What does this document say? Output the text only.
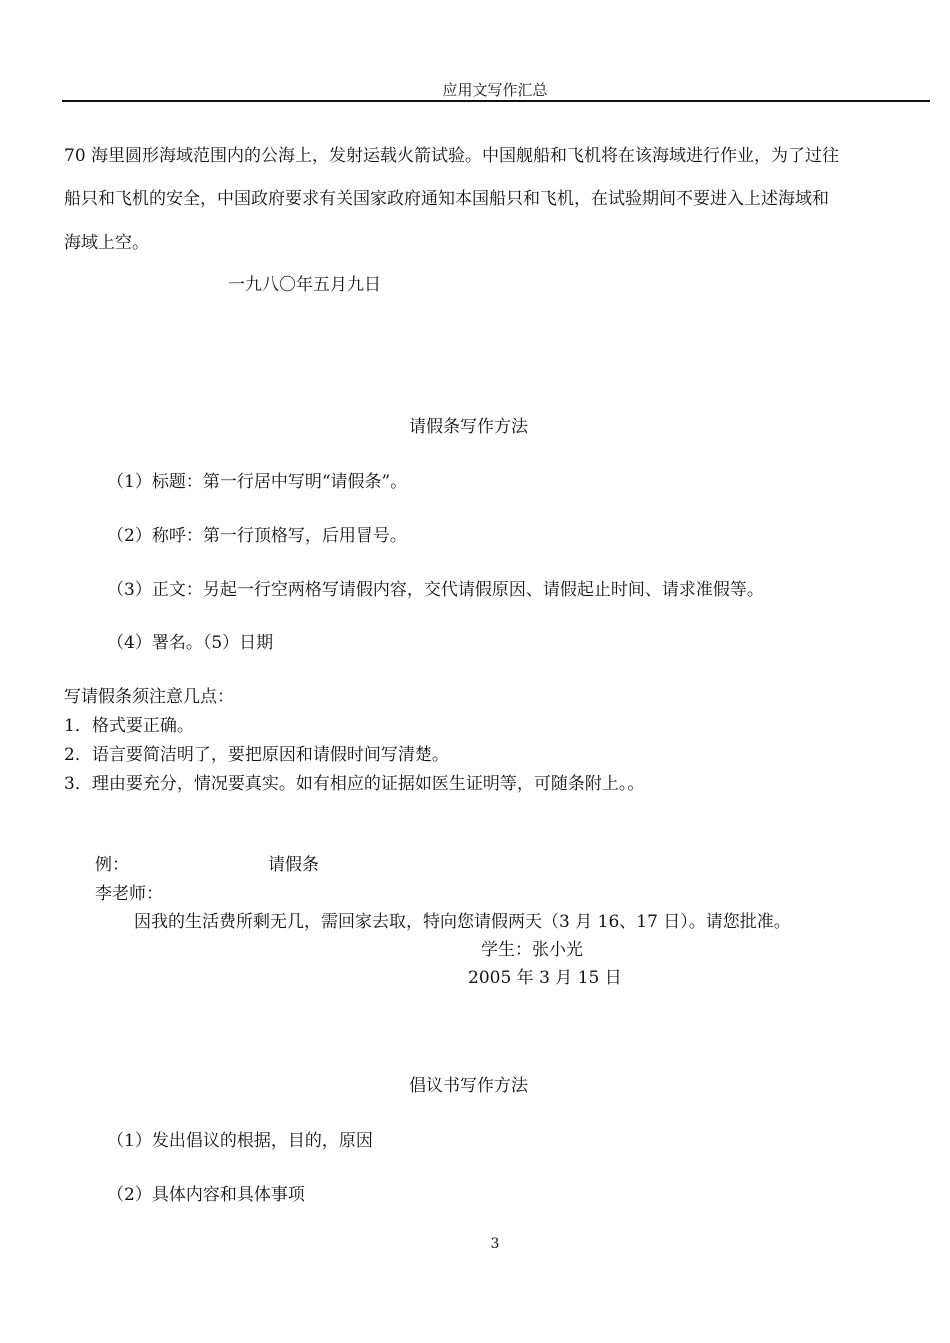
应用文写作汇总
70 海里圆形海域范围内的公海上，发射运载火箭试验。中国舰船和飞机将在该海域进行作业，为了过往
船只和飞机的安全，中国政府要求有关国家政府通知本国船只和飞机，在试验期间不要进入上述海域和
海域上空。
一九八〇年五月九日
请假条写作方法
（1）标题：第一行居中写明“请假条”。
（2）称呼：第一行顶格写，后用冒号。
（3）正文：另起一行空两格写请假内容，交代请假原因、请假起止时间、请求准假等。
（4）署名。（5）日期
写请假条须注意几点：
1．格式要正确。
2．语言要简洁明了，要把原因和请假时间写清楚。
3．理由要充分，情况要真实。如有相应的证据如医生证明等，可随条附上。。
例：	请假条
李老师：
因我的生活费所剩无几，需回家去取，特向您请假两天（3 月 16、17 日）。请您批准。
学生：张小光
2005 年 3 月 15 日
倡议书写作方法
（1）发出倡议的根据，目的，原因
（2）具体内容和具体事项
3
